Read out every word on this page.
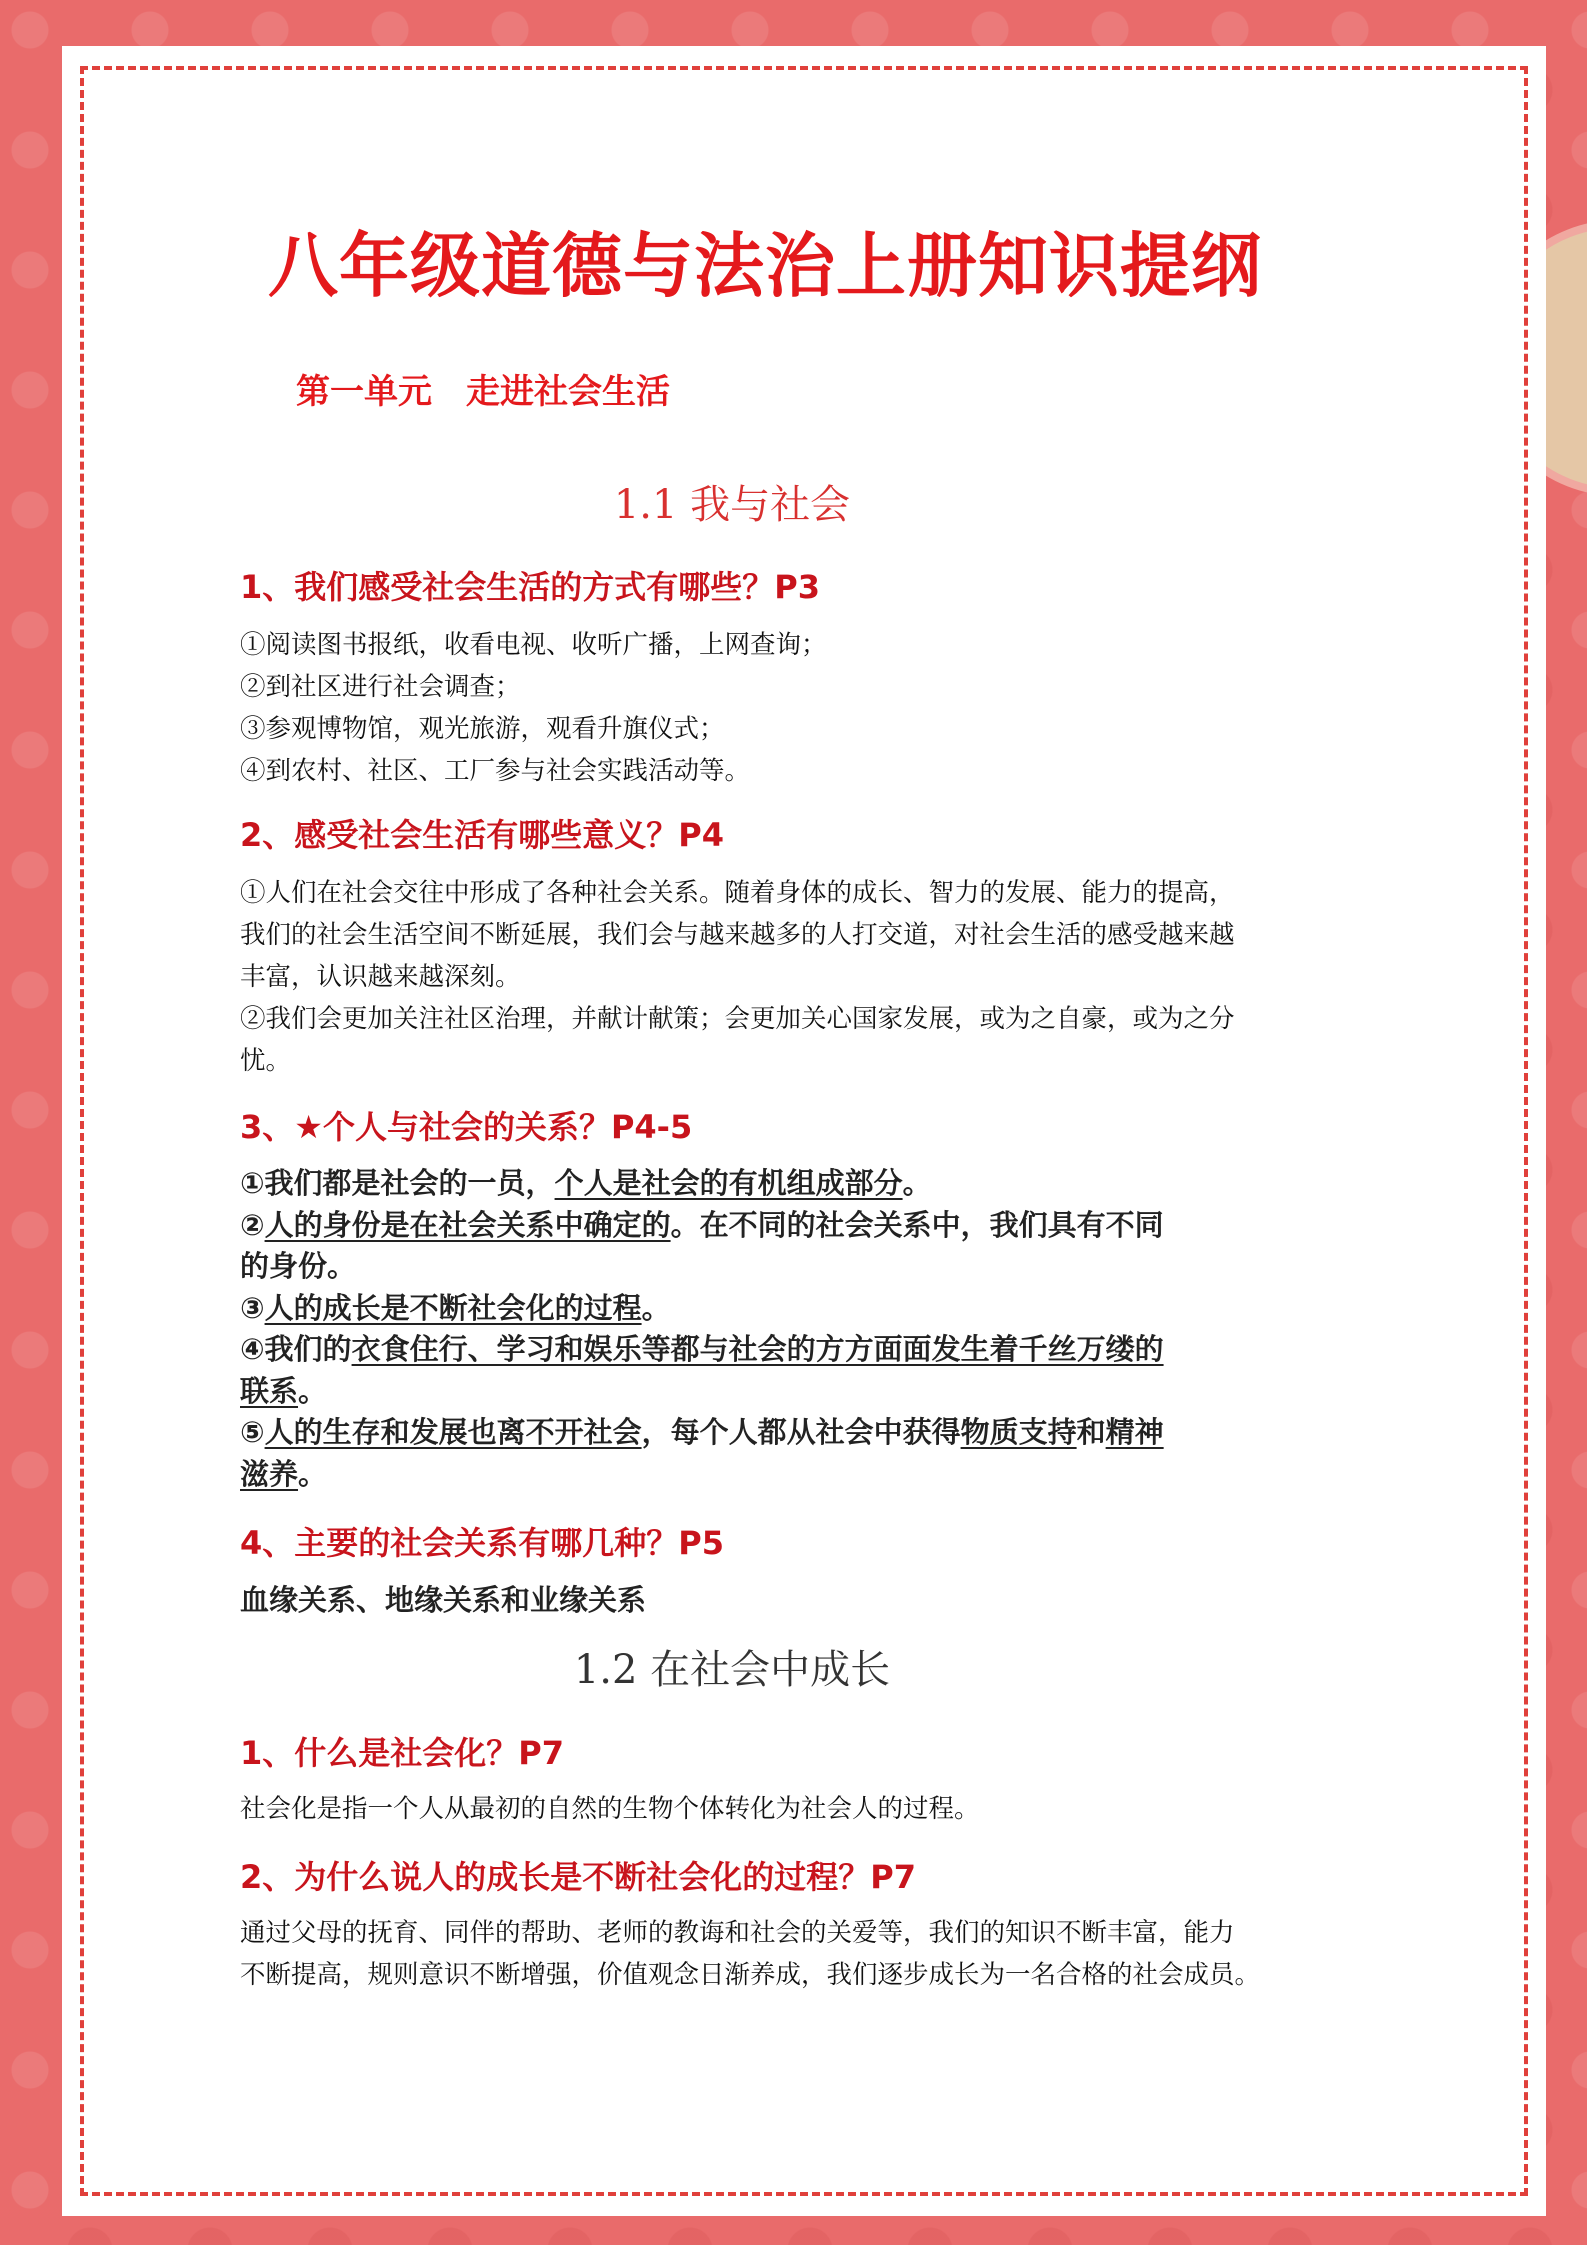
八年级道德与法治上册知识提纲
第一单元　走进社会生活
1.1 我与社会
1、我们感受社会生活的方式有哪些？P3
①阅读图书报纸，收看电视、收听广播，上网查询；
②到社区进行社会调查；
③参观博物馆，观光旅游，观看升旗仪式；
④到农村、社区、工厂参与社会实践活动等。
2、感受社会生活有哪些意义？P4
①人们在社会交往中形成了各种社会关系。随着身体的成长、智力的发展、能力的提高，
我们的社会生活空间不断延展，我们会与越来越多的人打交道，对社会生活的感受越来越
丰富，认识越来越深刻。
②我们会更加关注社区治理，并献计献策；会更加关心国家发展，或为之自豪，或为之分
忧。
3、★个人与社会的关系？P4-5
①我们都是社会的一员，个人是社会的有机组成部分。
②人的身份是在社会关系中确定的。在不同的社会关系中，我们具有不同
的身份。
③人的成长是不断社会化的过程。
④我们的衣食住行、学习和娱乐等都与社会的方方面面发生着千丝万缕的
联系。
⑤人的生存和发展也离不开社会，每个人都从社会中获得物质支持和精神
滋养。
4、主要的社会关系有哪几种？P5
血缘关系、地缘关系和业缘关系
1.2 在社会中成长
1、什么是社会化？P7
社会化是指一个人从最初的自然的生物个体转化为社会人的过程。
2、为什么说人的成长是不断社会化的过程？P7
通过父母的抚育、同伴的帮助、老师的教诲和社会的关爱等，我们的知识不断丰富，能力
不断提高，规则意识不断增强，价值观念日渐养成，我们逐步成长为一名合格的社会成员。
